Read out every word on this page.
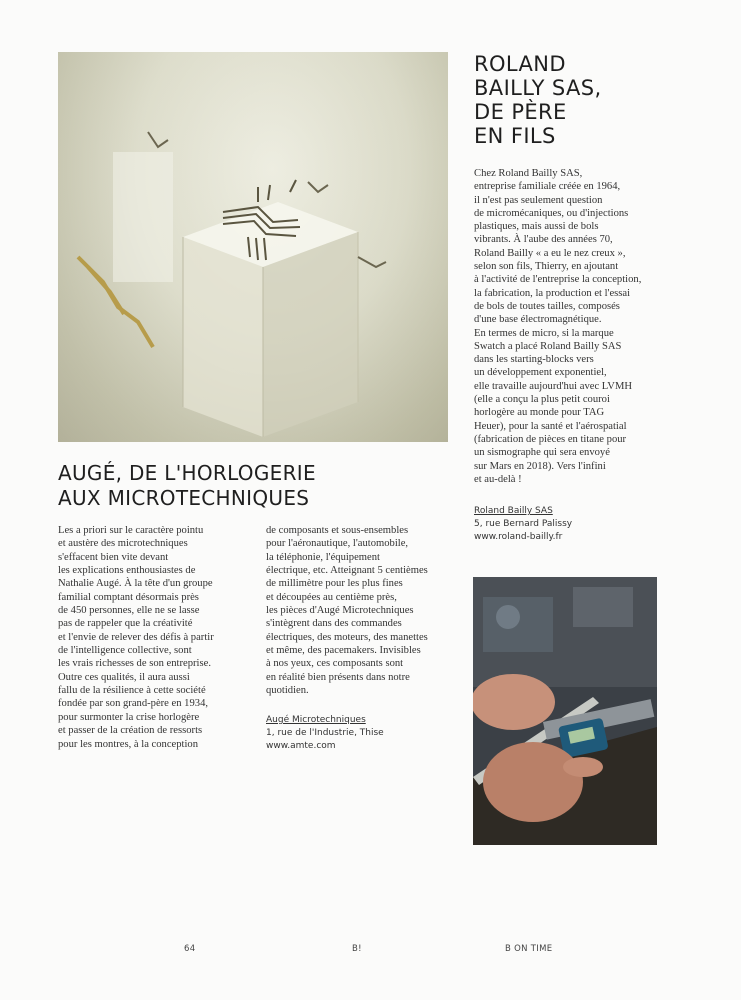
ROLAND
BAILLY SAS,
DE PÈRE
EN FILS
Chez Roland Bailly SAS,
entreprise familiale créée en 1964,
il n'est pas seulement question
de micromécaniques, ou d'injections
plastiques, mais aussi de bols
vibrants. À l'aube des années 70,
Roland Bailly « a eu le nez creux »,
selon son fils, Thierry, en ajoutant
à l'activité de l'entreprise la conception,
la fabrication, la production et l'essai
de bols de toutes tailles, composés
d'une base électromagnétique.
En termes de micro, si la marque
Swatch a placé Roland Bailly SAS
dans les starting-blocks vers
un développement exponentiel,
elle travaille aujourd'hui avec LVMH
(elle a conçu la plus petit couroi
horlogère au monde pour TAG
Heuer), pour la santé et l'aérospatial
(fabrication de pièces en titane pour
un sismographe qui sera envoyé
sur Mars en 2018). Vers l'infini
et au-delà !
Roland Bailly SAS
5, rue Bernard Palissy
www.roland-bailly.fr
AUGÉ, DE L'HORLOGERIE
AUX MICROTECHNIQUES
Les a priori sur le caractère pointu
et austère des microtechniques
s'effacent bien vite devant
les explications enthousiastes de
Nathalie Augé. À la tête d'un groupe
familial comptant désormais près
de 450 personnes, elle ne se lasse
pas de rappeler que la créativité
et l'envie de relever des défis à partir
de l'intelligence collective, sont
les vrais richesses de son entreprise.
Outre ces qualités, il aura aussi
fallu de la résilience à cette société
fondée par son grand-père en 1934,
pour surmonter la crise horlogère
et passer de la création de ressorts
pour les montres, à la conception
de composants et sous-ensembles
pour l'aéronautique, l'automobile,
la téléphonie, l'équipement
électrique, etc. Atteignant 5 centièmes
de millimètre pour les plus fines
et découpées au centième près,
les pièces d'Augé Microtechniques
s'intègrent dans des commandes
électriques, des moteurs, des manettes
et même, des pacemakers. Invisibles
à nos yeux, ces composants sont
en réalité bien présents dans notre
quotidien.
Augé Microtechniques
1, rue de l'Industrie, Thise
www.amte.com
64	B!	B ON TIME
